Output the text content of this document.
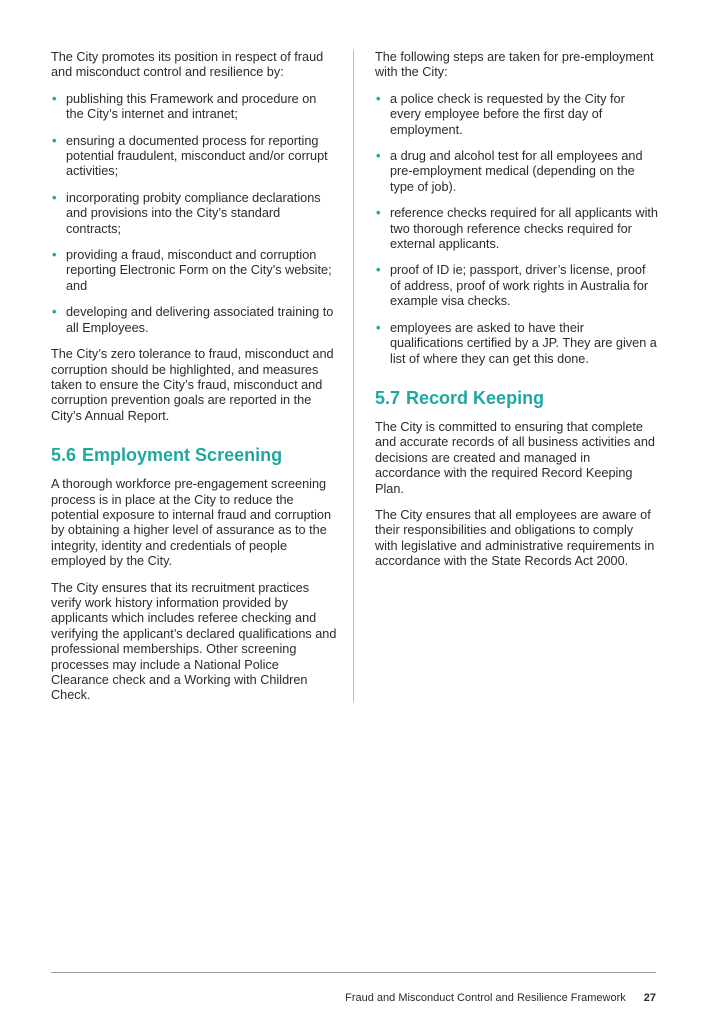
The City promotes its position in respect of fraud and misconduct control and resilience by:

• publishing this Framework and procedure on the City’s internet and intranet;
• ensuring a documented process for reporting potential fraudulent, misconduct and/or corrupt activities;
• incorporating probity compliance declarations and provisions into the City’s standard contracts;
• providing a fraud, misconduct and corruption reporting Electronic Form on the City’s website; and
• developing and delivering associated training to all Employees.

The City’s zero tolerance to fraud, misconduct and corruption should be highlighted, and measures taken to ensure the City’s fraud, misconduct and corruption prevention goals are reported in the City’s Annual Report.

5.6 Employment Screening

A thorough workforce pre-engagement screening process is in place at the City to reduce the potential exposure to internal fraud and corruption by obtaining a higher level of assurance as to the integrity, identity and credentials of people employed by the City.

The City ensures that its recruitment practices verify work history information provided by applicants which includes referee checking and verifying the applicant’s declared qualifications and professional memberships. Other screening processes may include a National Police Clearance check and a Working with Children Check.

The following steps are taken for pre-employment with the City:

• a police check is requested by the City for every employee before the first day of employment.
• a drug and alcohol test for all employees and pre-employment medical (depending on the type of job).
• reference checks required for all applicants with two thorough reference checks required for external applicants.
• proof of ID ie; passport, driver’s license, proof of address, proof of work rights in Australia for example visa checks.
• employees are asked to have their qualifications certified by a JP. They are given a list of where they can get this done.
5.7 Record Keeping

The City is committed to ensuring that complete and accurate records of all business activities and decisions are created and managed in accordance with the required Record Keeping Plan.

The City ensures that all employees are aware of their responsibilities and obligations to comply with legislative and administrative requirements in accordance with the State Records Act 2000.

Fraud and Misconduct Control and Resilience Framework 27
